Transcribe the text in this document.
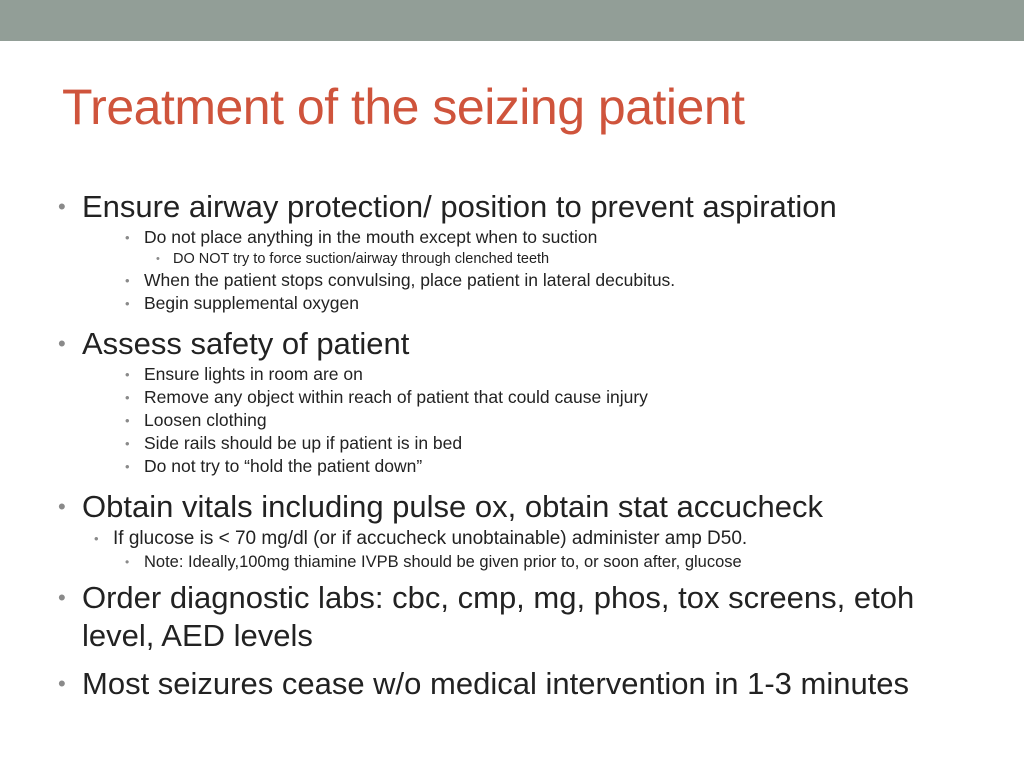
Treatment of the seizing patient
• Ensure airway protection/ position to prevent aspiration
• Do not place anything in the mouth except when to suction
• DO NOT try to force suction/airway through clenched teeth
• When the patient stops convulsing, place patient in lateral decubitus.
• Begin supplemental oxygen
• Assess safety of patient
• Ensure lights in room are on
• Remove any object within reach of patient that could cause injury
• Loosen clothing
• Side rails should be up if patient is in bed
• Do not try to “hold the patient down”
• Obtain vitals including pulse ox, obtain stat accucheck
• If glucose is < 70 mg/dl (or if accucheck unobtainable) administer amp D50.
• Note: Ideally,100mg thiamine IVPB should be given prior to, or soon after, glucose
• Order diagnostic labs: cbc, cmp, mg, phos, tox screens, etoh level, AED levels
• Most seizures cease w/o medical intervention in 1-3 minutes
